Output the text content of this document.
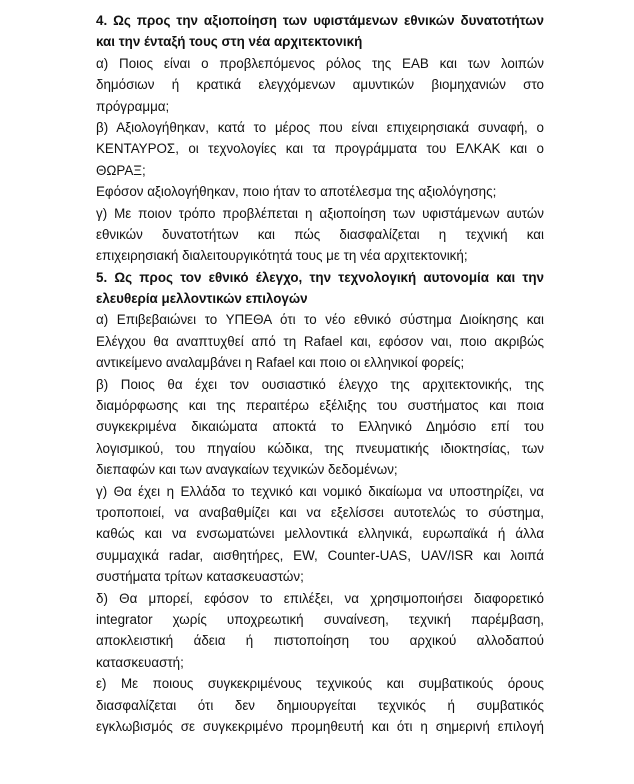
4. Ως προς την αξιοποίηση των υφιστάμενων εθνικών δυνατοτήτων
και την ένταξή τους στη νέα αρχιτεκτονική
α) Ποιος είναι ο προβλεπόμενος ρόλος της ΕΑΒ και των λοιπών
δημόσιων ή κρατικά ελεγχόμενων αμυντικών βιομηχανιών στο
πρόγραμμα;
β) Αξιολογήθηκαν, κατά το μέρος που είναι επιχειρησιακά συναφή, ο
ΚΕΝΤΑΥΡΟΣ, οι τεχνολογίες και τα προγράμματα του ΕΛΚΑΚ και ο
ΘΩΡΑΞ;
Εφόσον αξιολογήθηκαν, ποιο ήταν το αποτέλεσμα της αξιολόγησης;
γ) Με ποιον τρόπο προβλέπεται η αξιοποίηση των υφιστάμενων αυτών
εθνικών δυνατοτήτων και πώς διασφαλίζεται η τεχνική και
επιχειρησιακή διαλειτουργικότητά τους με τη νέα αρχιτεκτονική;
5. Ως προς τον εθνικό έλεγχο, την τεχνολογική αυτονομία και την
ελευθερία μελλοντικών επιλογών
α) Επιβεβαιώνει το ΥΠΕΘΑ ότι το νέο εθνικό σύστημα Διοίκησης και
Ελέγχου θα αναπτυχθεί από τη Rafael και, εφόσον ναι, ποιο ακριβώς
αντικείμενο αναλαμβάνει η Rafael και ποιο οι ελληνικοί φορείς;
β) Ποιος θα έχει τον ουσιαστικό έλεγχο της αρχιτεκτονικής, της
διαμόρφωσης και της περαιτέρω εξέλιξης του συστήματος και ποια
συγκεκριμένα δικαιώματα αποκτά το Ελληνικό Δημόσιο επί του
λογισμικού, του πηγαίου κώδικα, της πνευματικής ιδιοκτησίας, των
διεπαφών και των αναγκαίων τεχνικών δεδομένων;
γ) Θα έχει η Ελλάδα το τεχνικό και νομικό δικαίωμα να υποστηρίζει, να
τροποποιεί, να αναβαθμίζει και να εξελίσσει αυτοτελώς το σύστημα,
καθώς και να ενσωματώνει μελλοντικά ελληνικά, ευρωπαϊκά ή άλλα
συμμαχικά radar, αισθητήρες, EW, Counter-UAS, UAV/ISR και λοιπά
συστήματα τρίτων κατασκευαστών;
δ) Θα μπορεί, εφόσον το επιλέξει, να χρησιμοποιήσει διαφορετικό
integrator χωρίς υποχρεωτική συναίνεση, τεχνική παρέμβαση,
αποκλειστική άδεια ή πιστοποίηση του αρχικού αλλοδαπού
κατασκευαστή;
ε) Με ποιους συγκεκριμένους τεχνικούς και συμβατικούς όρους
διασφαλίζεται ότι δεν δημιουργείται τεχνικός ή συμβατικός
εγκλωβισμός σε συγκεκριμένο προμηθευτή και ότι η σημερινή επιλογή
